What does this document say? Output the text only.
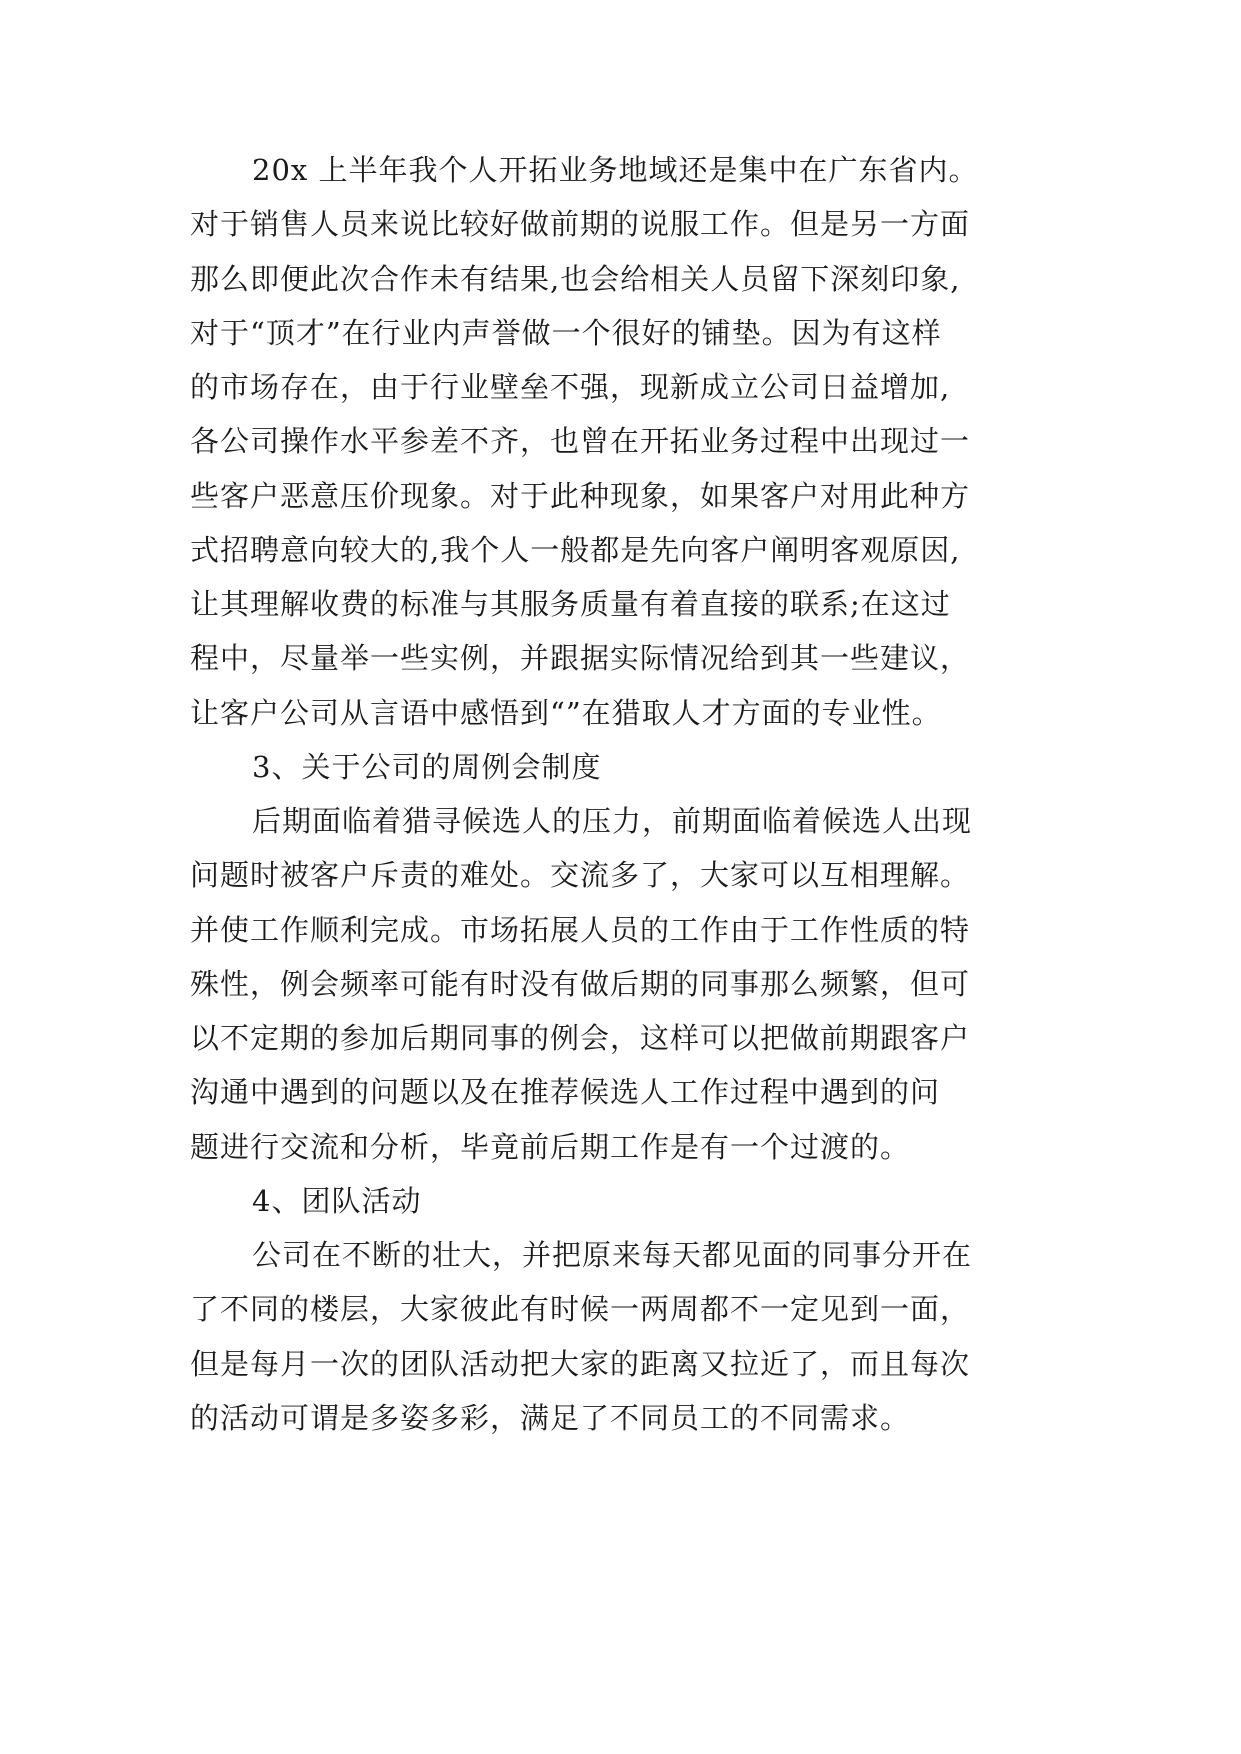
20x 上半年我个人开拓业务地域还是集中在广东省内。
对于销售人员来说比较好做前期的说服工作。但是另一方面
那么即便此次合作未有结果,也会给相关人员留下深刻印象,
对于“顶才”在行业内声誉做一个很好的铺垫。因为有这样
的市场存在，由于行业壁垒不强，现新成立公司日益增加,
各公司操作水平参差不齐，也曾在开拓业务过程中出现过一
些客户恶意压价现象。对于此种现象，如果客户对用此种方
式招聘意向较大的,我个人一般都是先向客户阐明客观原因,
让其理解收费的标准与其服务质量有着直接的联系;在这过
程中，尽量举一些实例，并跟据实际情况给到其一些建议，
让客户公司从言语中感悟到“”在猎取人才方面的专业性。
3、关于公司的周例会制度
后期面临着猎寻候选人的压力，前期面临着候选人出现
问题时被客户斥责的难处。交流多了，大家可以互相理解。
并使工作顺利完成。市场拓展人员的工作由于工作性质的特
殊性，例会频率可能有时没有做后期的同事那么频繁，但可
以不定期的参加后期同事的例会，这样可以把做前期跟客户
沟通中遇到的问题以及在推荐候选人工作过程中遇到的问
题进行交流和分析，毕竟前后期工作是有一个过渡的。
4、团队活动
公司在不断的壮大，并把原来每天都见面的同事分开在
了不同的楼层，大家彼此有时候一两周都不一定见到一面，
但是每月一次的团队活动把大家的距离又拉近了，而且每次
的活动可谓是多姿多彩，满足了不同员工的不同需求。
